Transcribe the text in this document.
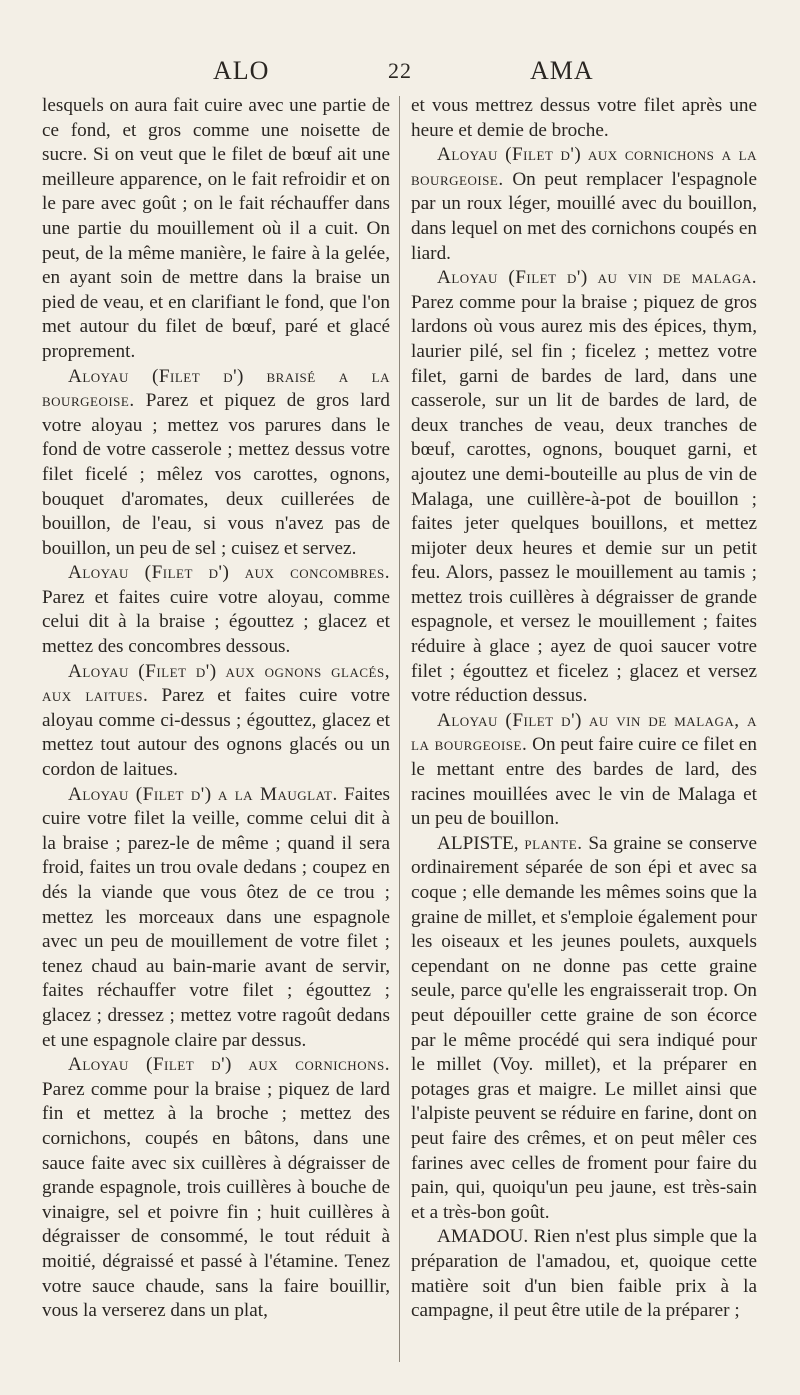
ALO	22	AMA

lesquels on aura fait cuire avec une partie de ce fond, et gros comme une noisette de sucre. Si on veut que le filet de bœuf ait une meilleure apparence, on le fait refroidir et on le pare avec goût ; on le fait réchauffer dans une partie du mouillement où il a cuit. On peut, de la même manière, le faire à la gelée, en ayant soin de mettre dans la braise un pied de veau, et en clarifiant le fond, que l'on met autour du filet de bœuf, paré et glacé proprement.

Aloyau (Filet d') braisé a la bourgeoise. Parez et piquez de gros lard votre aloyau ; mettez vos parures dans le fond de votre casserole ; mettez dessus votre filet ficelé ; mêlez vos carottes, ognons, bouquet d'aromates, deux cuillerées de bouillon, de l'eau, si vous n'avez pas de bouillon, un peu de sel ; cuisez et servez.

Aloyau (Filet d') aux concombres. Parez et faites cuire votre aloyau, comme celui dit à la braise ; égouttez ; glacez et mettez des concombres dessous.

Aloyau (Filet d') aux ognons glacés, aux laitues. Parez et faites cuire votre aloyau comme ci-dessus ; égouttez, glacez et mettez tout autour des ognons glacés ou un cordon de laitues.

Aloyau (Filet d') a la Mauglat. Faites cuire votre filet la veille, comme celui dit à la braise ; parez-le de même ; quand il sera froid, faites un trou ovale dedans ; coupez en dés la viande que vous ôtez de ce trou ; mettez les morceaux dans une espagnole avec un peu de mouillement de votre filet ; tenez chaud au bain-marie avant de servir, faites réchauffer votre filet ; égouttez ; glacez ; dressez ; mettez votre ragoût dedans et une espagnole claire par dessus.

Aloyau (Filet d') aux cornichons. Parez comme pour la braise ; piquez de lard fin et mettez à la broche ; mettez des cornichons, coupés en bâtons, dans une sauce faite avec six cuillères à dégraisser de grande espagnole, trois cuillères à bouche de vinaigre, sel et poivre fin ; huit cuillères à dégraisser de consommé, le tout réduit à moitié, dégraissé et passé à l'étamine. Tenez votre sauce chaude, sans la faire bouillir, vous la verserez dans un plat,

et vous mettrez dessus votre filet après une heure et demie de broche.

Aloyau (Filet d') aux cornichons a la bourgeoise. On peut remplacer l'espagnole par un roux léger, mouillé avec du bouillon, dans lequel on met des cornichons coupés en liard.

Aloyau (Filet d') au vin de malaga. Parez comme pour la braise ; piquez de gros lardons où vous aurez mis des épices, thym, laurier pilé, sel fin ; ficelez ; mettez votre filet, garni de bardes de lard, dans une casserole, sur un lit de bardes de lard, de deux tranches de veau, deux tranches de bœuf, carottes, ognons, bouquet garni, et ajoutez une demi-bouteille au plus de vin de Malaga, une cuillère-à-pot de bouillon ; faites jeter quelques bouillons, et mettez mijoter deux heures et demie sur un petit feu. Alors, passez le mouillement au tamis ; mettez trois cuillères à dégraisser de grande espagnole, et versez le mouillement ; faites réduire à glace ; ayez de quoi saucer votre filet ; égouttez et ficelez ; glacez et versez votre réduction dessus.

Aloyau (Filet d') au vin de malaga, a la bourgeoise. On peut faire cuire ce filet en le mettant entre des bardes de lard, des racines mouillées avec le vin de Malaga et un peu de bouillon.

ALPISTE, plante. Sa graine se conserve ordinairement séparée de son épi et avec sa coque ; elle demande les mêmes soins que la graine de millet, et s'emploie également pour les oiseaux et les jeunes poulets, auxquels cependant on ne donne pas cette graine seule, parce qu'elle les engraisserait trop. On peut dépouiller cette graine de son écorce par le même procédé qui sera indiqué pour le millet (Voy. millet), et la préparer en potages gras et maigre. Le millet ainsi que l'alpiste peuvent se réduire en farine, dont on peut faire des crêmes, et on peut mêler ces farines avec celles de froment pour faire du pain, qui, quoiqu'un peu jaune, est très-sain et a très-bon goût.

AMADOU. Rien n'est plus simple que la préparation de l'amadou, et, quoique cette matière soit d'un bien faible prix à la campagne, il peut être utile de la préparer ;
